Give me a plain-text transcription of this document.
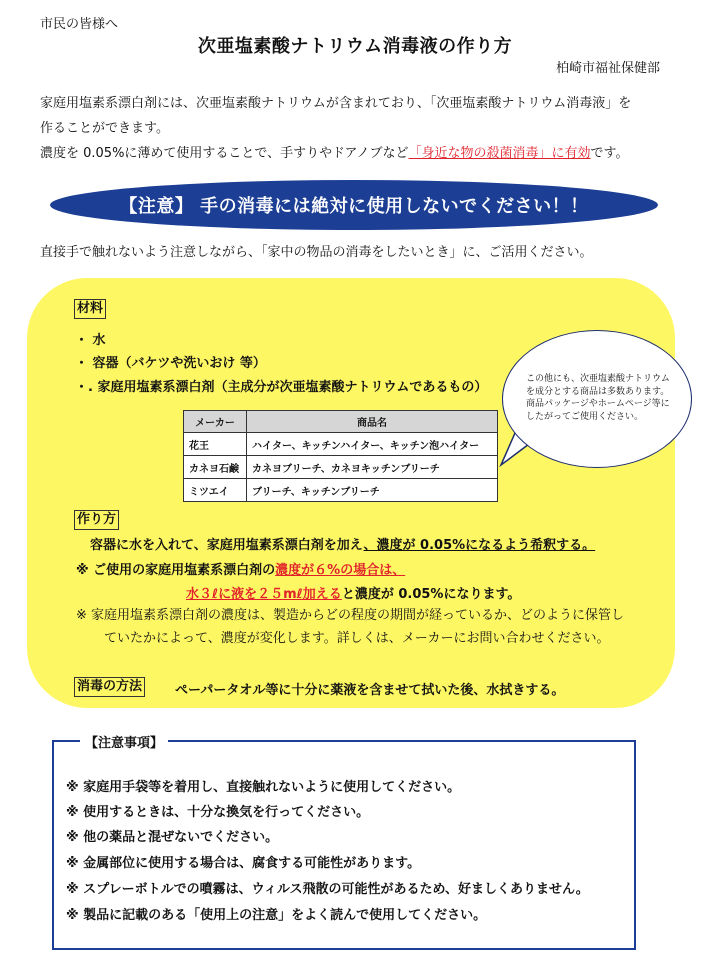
市民の皆様へ
次亜塩素酸ナトリウム消毒液の作り方
柏崎市福祉保健部
家庭用塩素系漂白剤には、次亜塩素酸ナトリウムが含まれており、「次亜塩素酸ナトリウム消毒液」を
作ることができます。
濃度を 0.05%に薄めて使用することで、手すりやドアノブなど「身近な物の殺菌消毒」に有効です。
【注意】 手の消毒には絶対に使用しないでください！！
直接手で触れないよう注意しながら、「家中の物品の消毒をしたいとき」に、ご活用ください。
材料
・ 水
・ 容器（バケツや洗いおけ 等）
・. 家庭用塩素系漂白剤（主成分が次亜塩素酸ナトリウムであるもの）
メーカー	商品名
花王	ハイター、キッチンハイター、キッチン泡ハイター
カネヨ石鹸	カネヨブリーチ、カネヨキッチンブリーチ
ミツエイ	ブリーチ、キッチンブリーチ
この他にも、次亜塩素酸ナトリウムを成分とする商品は多数あります。商品パッケージやホームページ等にしたがってご使用ください。
作り方
容器に水を入れて、家庭用塩素系漂白剤を加え、濃度が 0.05%になるよう希釈する。
※ ご使用の家庭用塩素系漂白剤の濃度が６%の場合は、
水３ℓに液を２５mℓ加えると濃度が 0.05%になります。
※ 家庭用塩素系漂白剤の濃度は、製造からどの程度の期間が経っているか、どのように保管し
ていたかによって、濃度が変化します。詳しくは、メーカーにお問い合わせください。
消毒の方法	ペーパータオル等に十分に薬液を含ませて拭いた後、水拭きする。
【注意事項】
※ 家庭用手袋等を着用し、直接触れないように使用してください。
※ 使用するときは、十分な換気を行ってください。
※ 他の薬品と混ぜないでください。
※ 金属部位に使用する場合は、腐食する可能性があります。
※ スプレーボトルでの噴霧は、ウィルス飛散の可能性があるため、好ましくありません。
※ 製品に記載のある「使用上の注意」をよく読んで使用してください。
